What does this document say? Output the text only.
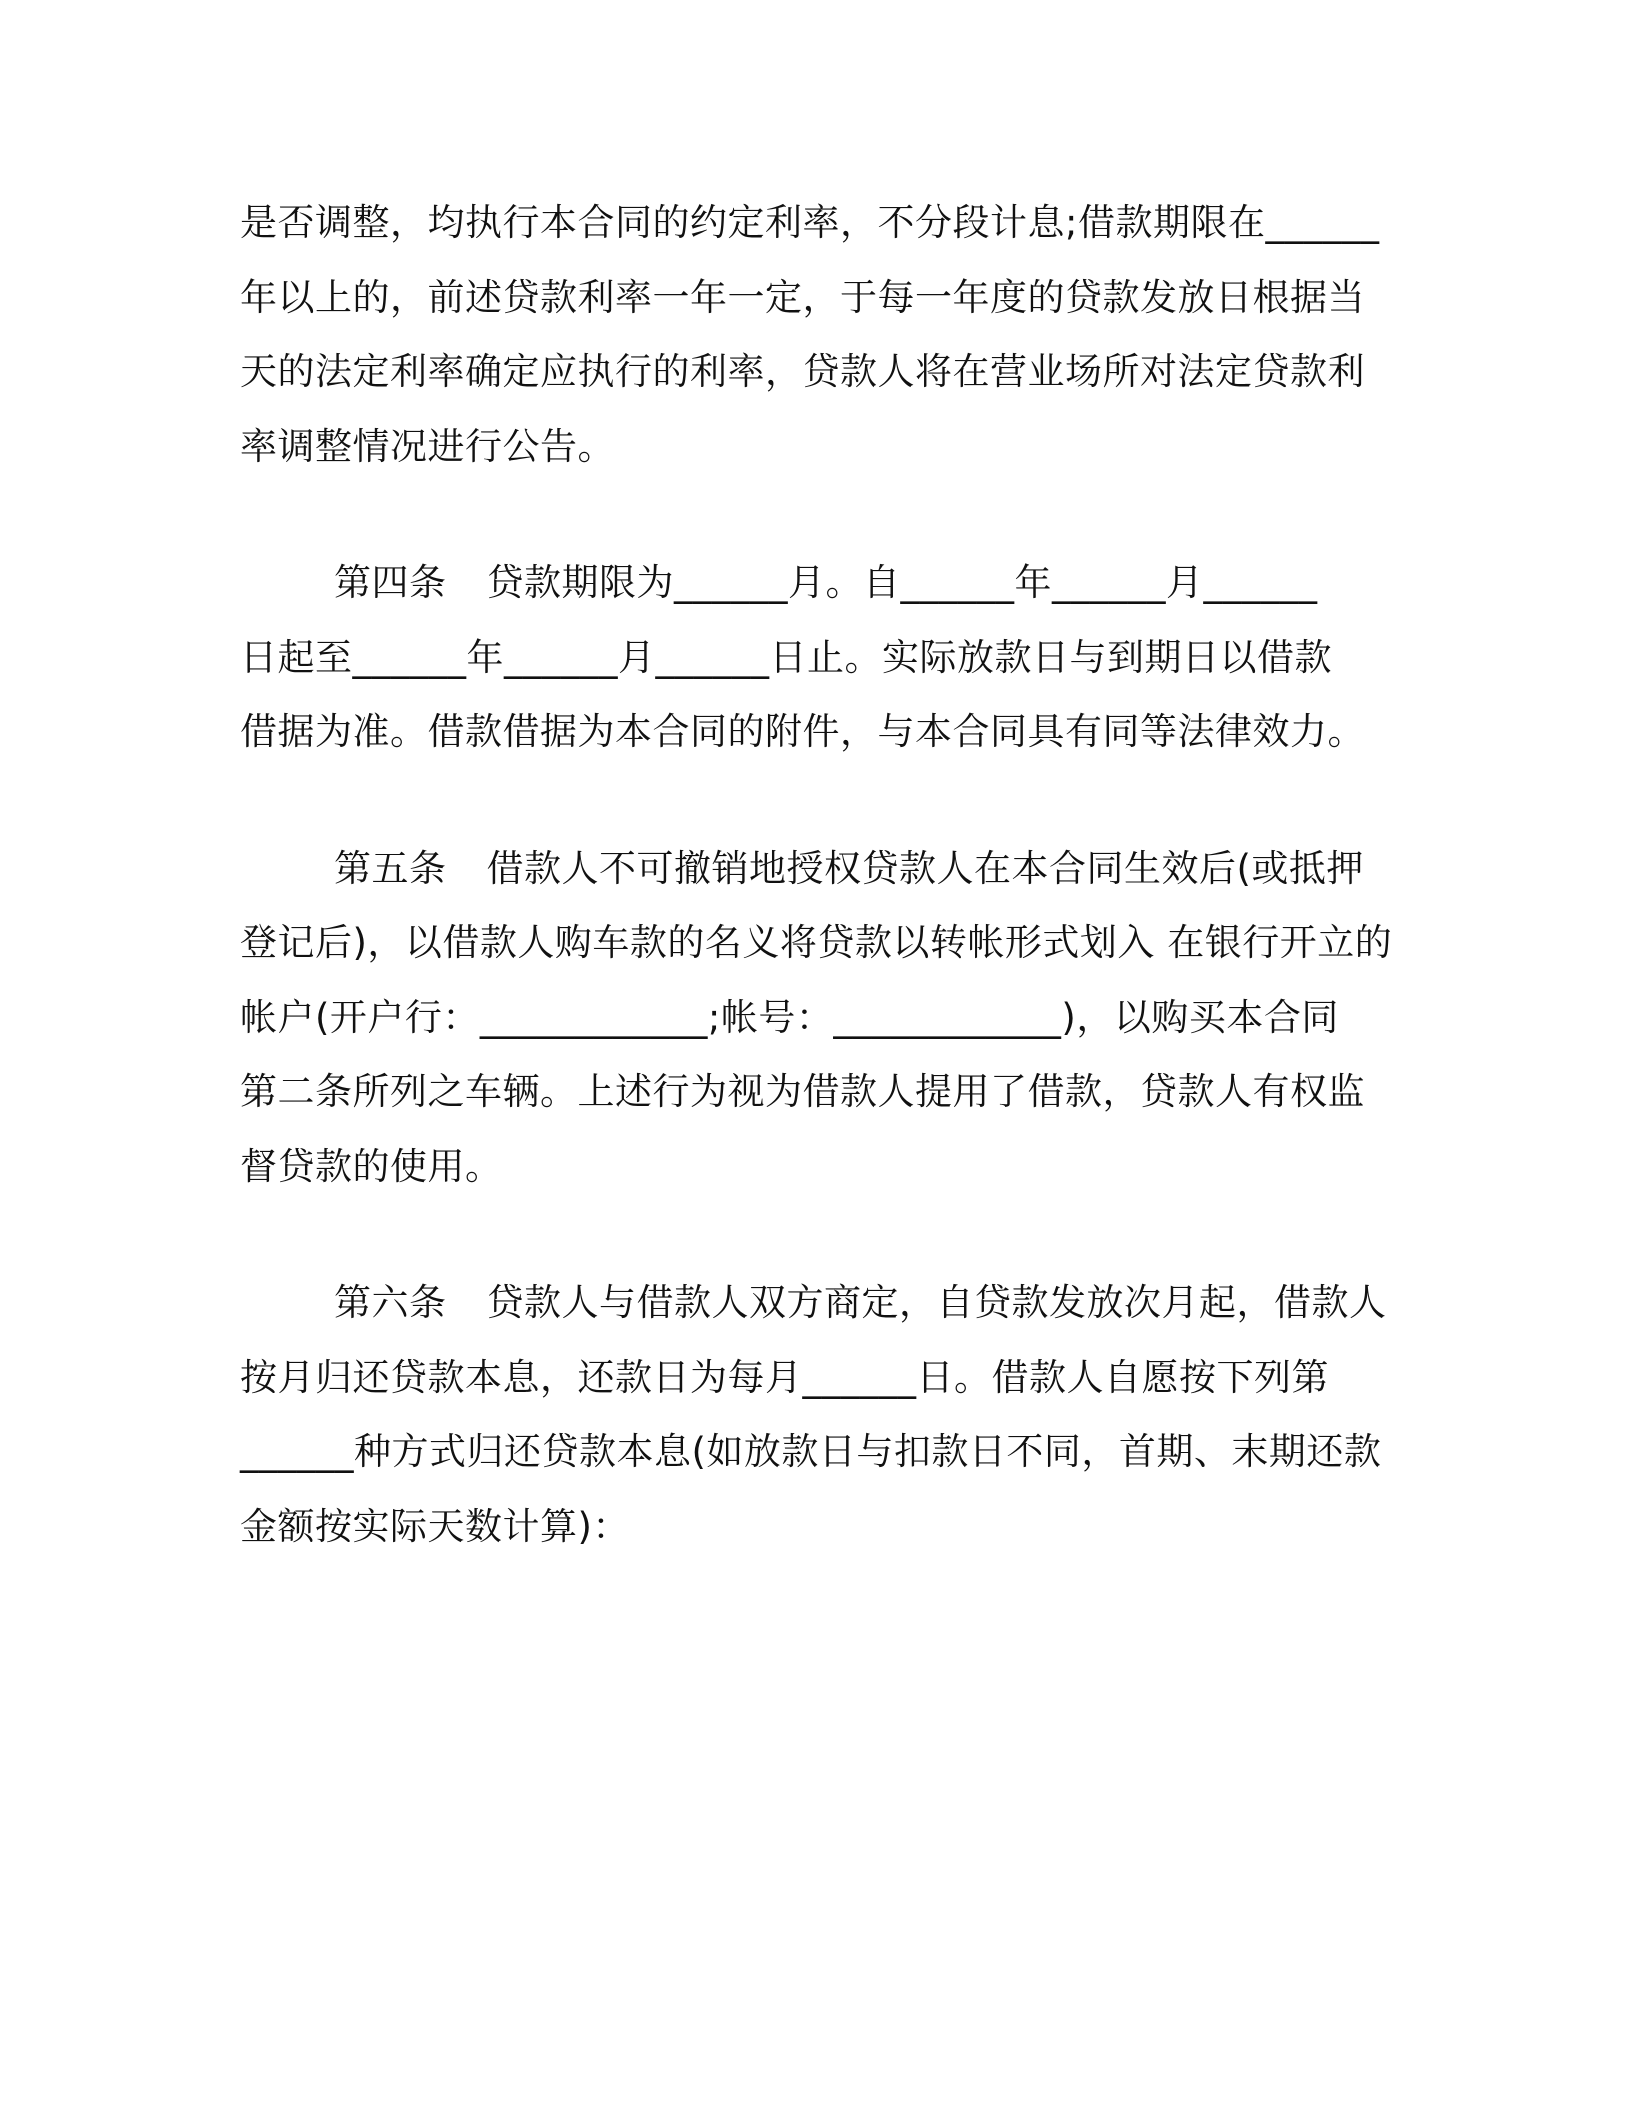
是否调整，均执行本合同的约定利率，不分段计息;借款期限在______
年以上的，前述贷款利率一年一定，于每一年度的贷款发放日根据当
天的法定利率确定应执行的利率，贷款人将在营业场所对法定贷款利
率调整情况进行公告。
第四条 贷款期限为______月。自______年______月______
日起至______年______月______日止。实际放款日与到期日以借款
借据为准。借款借据为本合同的附件，与本合同具有同等法律效力。
第五条 借款人不可撤销地授权贷款人在本合同生效后(或抵押
登记后)，以借款人购车款的名义将贷款以转帐形式划入 在银行开立的
帐户(开户行：____________;帐号：____________)，以购买本合同
第二条所列之车辆。上述行为视为借款人提用了借款，贷款人有权监
督贷款的使用。
第六条 贷款人与借款人双方商定，自贷款发放次月起，借款人
按月归还贷款本息，还款日为每月______日。借款人自愿按下列第
______种方式归还贷款本息(如放款日与扣款日不同，首期、末期还款
金额按实际天数计算)：
